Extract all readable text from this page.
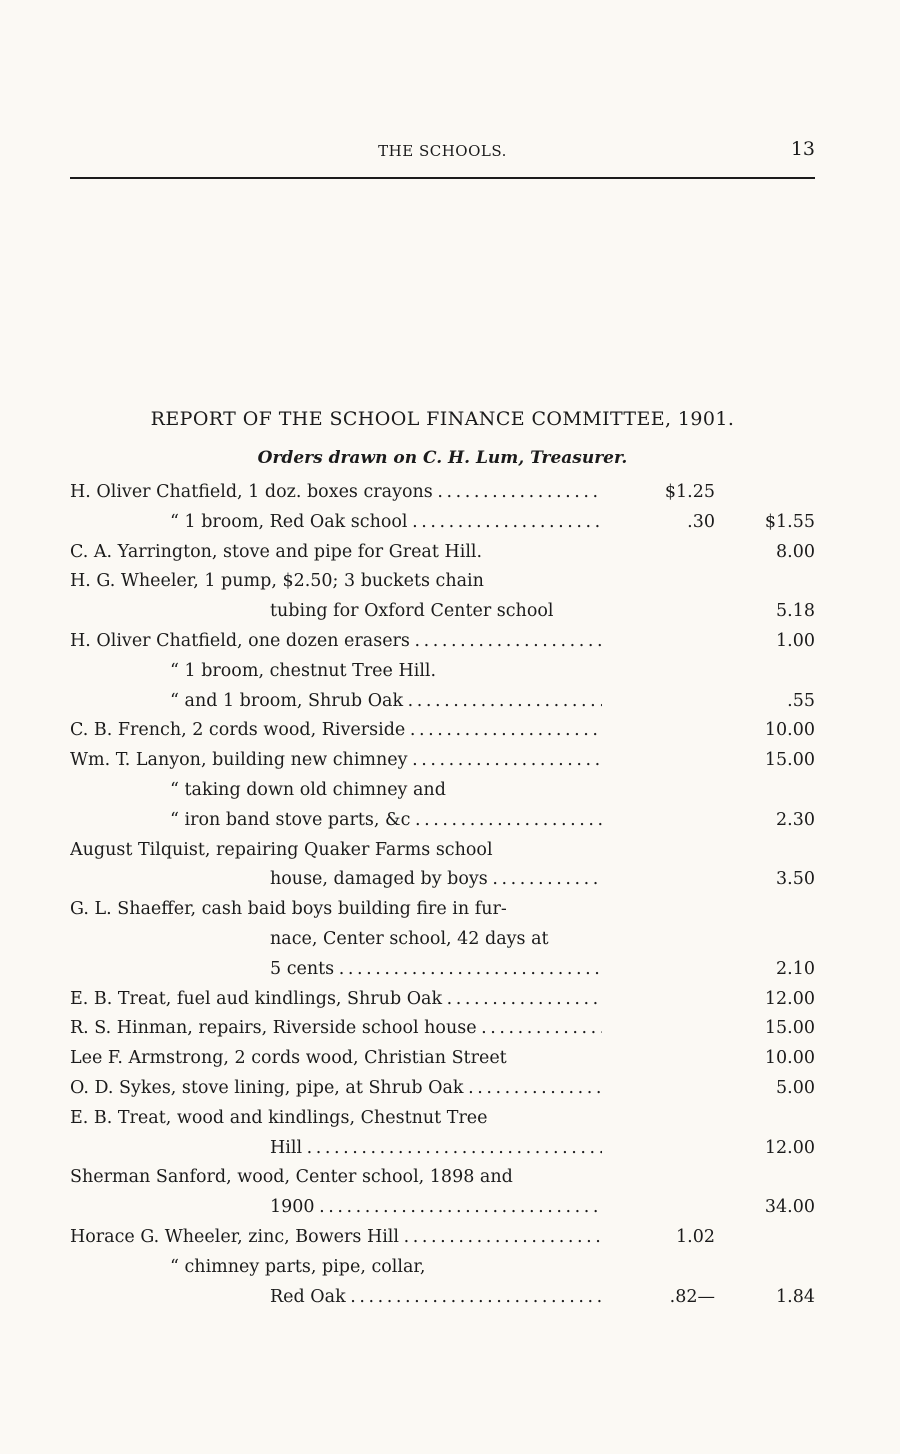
THE SCHOOLS.	13
REPORT OF THE SCHOOL FINANCE COMMITTEE, 1901.
Orders drawn on C. H. Lum, Treasurer.
H. Oliver Chatfield, 1 doz. boxes crayons . . .	$1.25
“ 1 broom, Red Oak school . . .	.30	$1.55
C. A. Yarrington, stove and pipe for Great Hill.	8.00
H. G. Wheeler, 1 pump, $2.50; 3 buckets chain
tubing for Oxford Center school	5.18
H. Oliver Chatfield, one dozen erasers . . .	1.00
“ 1 broom, chestnut Tree Hill.
“ and 1 broom, Shrub Oak . . .	.55
C. B. French, 2 cords wood, Riverside . . .	10.00
Wm. T. Lanyon, building new chimney . . .	15.00
“ taking down old chimney and
“ iron band stove parts, &c . . .	2.30
August Tilquist, repairing Quaker Farms school
house, damaged by boys . . .	3.50
G. L. Shaeffer, cash baid boys building fire in fur-
nace, Center school, 42 days at
5 cents . . .	2.10
E. B. Treat, fuel aud kindlings, Shrub Oak . . .	12.00
R. S. Hinman, repairs, Riverside school house . . .	15.00
Lee F. Armstrong, 2 cords wood, Christian Street	10.00
O. D. Sykes, stove lining, pipe, at Shrub Oak . . .	5.00
E. B. Treat, wood and kindlings, Chestnut Tree
Hill . . .	12.00
Sherman Sanford, wood, Center school, 1898 and
1900 . . .	34.00
Horace G. Wheeler, zinc, Bowers Hill . . .	1.02
“ chimney parts, pipe, collar,
Red Oak . . .	.82—	1.84
